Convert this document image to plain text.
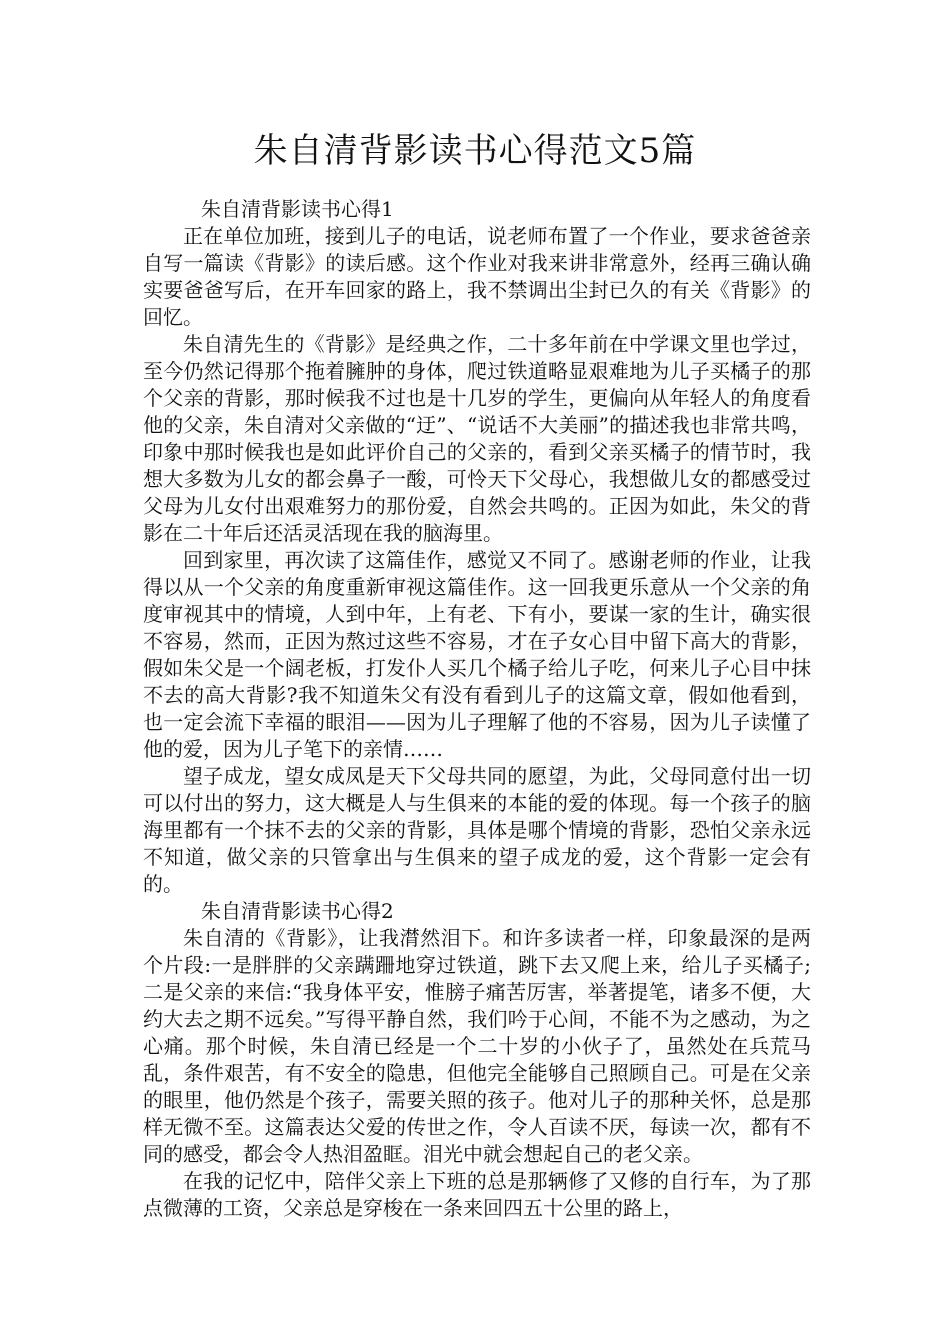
朱自清背影读书心得范文5篇

朱自清背影读书心得1

正在单位加班，接到儿子的电话，说老师布置了一个作业，要求爸爸亲自写一篇读《背影》的读后感。这个作业对我来讲非常意外，经再三确认确实要爸爸写后，在开车回家的路上，我不禁调出尘封已久的有关《背影》的回忆。

朱自清先生的《背影》是经典之作，二十多年前在中学课文里也学过，至今仍然记得那个拖着臃肿的身体，爬过铁道略显艰难地为儿子买橘子的那个父亲的背影，那时候我不过也是十几岁的学生，更偏向从年轻人的角度看他的父亲，朱自清对父亲做的“迂”、“说话不大美丽”的描述我也非常共鸣，印象中那时候我也是如此评价自己的父亲的，看到父亲买橘子的情节时，我想大多数为儿女的都会鼻子一酸，可怜天下父母心，我想做儿女的都感受过父母为儿女付出艰难努力的那份爱，自然会共鸣的。正因为如此，朱父的背影在二十年后还活灵活现在我的脑海里。

回到家里，再次读了这篇佳作，感觉又不同了。感谢老师的作业，让我得以从一个父亲的角度重新审视这篇佳作。这一回我更乐意从一个父亲的角度审视其中的情境，人到中年，上有老、下有小，要谋一家的生计，确实很不容易，然而，正因为熬过这些不容易，才在子女心目中留下高大的背影，假如朱父是一个阔老板，打发仆人买几个橘子给儿子吃，何来儿子心目中抹不去的高大背影?我不知道朱父有没有看到儿子的这篇文章，假如他看到，也一定会流下幸福的眼泪——因为儿子理解了他的不容易，因为儿子读懂了他的爱，因为儿子笔下的亲情……

望子成龙，望女成凤是天下父母共同的愿望，为此，父母同意付出一切可以付出的努力，这大概是人与生俱来的本能的爱的体现。每一个孩子的脑海里都有一个抹不去的父亲的背影，具体是哪个情境的背影，恐怕父亲永远不知道，做父亲的只管拿出与生俱来的望子成龙的爱，这个背影一定会有的。

朱自清背影读书心得2

朱自清的《背影》，让我潸然泪下。和许多读者一样，印象最深的是两个片段:一是胖胖的父亲蹒跚地穿过铁道，跳下去又爬上来，给儿子买橘子;二是父亲的来信:“我身体平安，惟膀子痛苦厉害，举著提笔，诸多不便，大约大去之期不远矣。”写得平静自然，我们吟于心间，不能不为之感动，为之心痛。那个时候，朱自清已经是一个二十岁的小伙子了，虽然处在兵荒马乱，条件艰苦，有不安全的隐患，但他完全能够自己照顾自己。可是在父亲的眼里，他仍然是个孩子，需要关照的孩子。他对儿子的那种关怀，总是那样无微不至。这篇表达父爱的传世之作，令人百读不厌，每读一次，都有不同的感受，都会令人热泪盈眶。泪光中就会想起自己的老父亲。

在我的记忆中，陪伴父亲上下班的总是那辆修了又修的自行车，为了那点微薄的工资，父亲总是穿梭在一条来回四五十公里的路上，
